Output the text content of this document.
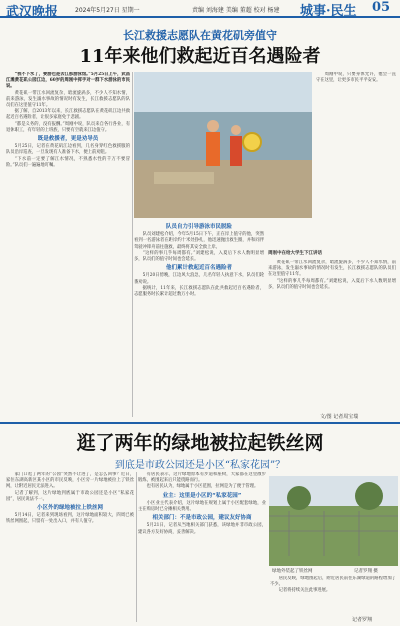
武汉晚报	2024年5月27日 星期一	责编 刘海建 美编 董超 校对 杨建 城事·民生 05
长江救援志愿队在黄花矶旁值守
11年来他们救起近百名遇险者

“我不下水了，要游也是去江那游泳馆。”5月25日上午，武昌江滩黄花矶公园江边，60岁的周刚中挥手对一群下水游泳的市民说。

黄花矶一带江水回流复杂，暗流旋涡多，不少人不知水情，前来游泳，发生溺水事故的情况时有发生，长江救援志愿队的队员们在这里值守11年。

据了解，自2013年以来，长江救援志愿队在黄花矶江边共救起近百名遇险者，让很多家庭免于悲剧。

“都是义务的，没有报酬。”周刚中说，队员来自各行各业，有退休职工，有年轻的上班族，只要有空就来江边值守。

既是救援者，更是劝导员

5月25日，记者在黄花矶江边看到，几名身穿红色救援服的队员沿岸巡查，一旦发现有人准备下水，便上前劝阻。

“下水前一定要了解江水情况，不熟悉水性的千万不要冒险。”队员们一遍遍地叮嘱。

队员自力引导游泳市民脱险

队员刘建松介绍，今年5月15日下午，正在岸上值守的他，突然看到一名游泳者在距岸约十米处挣扎，他迅速抛出救生圈，并和同伴驾驶冲锋舟前往施救，最终将其安全救上岸。

“这样的事几乎每周都有。”刘建松说，入夏后下水人数明显增多，队员们的值守时间也会延长。

他们累计救起近百名遇险者

5月20日傍晚，江边风大浪急，几名年轻人执意下水，队员们轮番劝说。

据统计，11年来，长江救援志愿队在此共救起近百名遇险者，志愿服务时长累计超过数万小时。

周刚中说，只要身体允许，他会一直守在这里，让更多市民平平安安。

周刚中在给大学生下江讲话

黄花矶一带江水回流复杂，暗流旋涡多，不少人不知水情，前来游泳，发生溺水事故的情况时有发生，长江救援志愿队的队员们在这里值守11年。

“这样的事几乎每周都有。”刘建松说，入夏后下水人数明显增多，队员们的值守时间也会延长。

文/图 记者周宝瑞
逛了两年的绿地被拉起铁丝网
到底是市政公园还是小区“私家花园”？

家门口逛了两年的“公园”突然不让进了，是怎么回事？近日，家住东湖高新区某小区的市民反映，小区旁一片绿地被拉上了铁丝网，让附近居民无法进入。

记者了解到，这片绿地到底属于市政公园还是小区“私家花园”，居民说法不一。

小区外的绿地被拉上铁丝网

5月14日，记者来到现场看到，这片绿地面积较大，四周已被铁丝网围起，只留有一处出入口，并有人值守。

有居民表示，这片绿地原本有步道和座椅，大家都在这里散步锻炼，被围起来后只能绕路而行。

也有居民认为，绿地属于小区范围，拉网是为了便于管理。

业主：这里是小区的“私家花园”

小区业主代表介绍，这片绿地在规划上属于小区配套绿地，业主在购房时已分摊相关费用。

相关部门：不是市政公园，建议友好协商

5月21日，记者从当地相关部门获悉，该绿地并非市政公园，建议各方友好协商，妥善解决。

绿地外装起了铁丝网	记者罗翔 摄

居民反映，绿地围起后，附近居民前往东湖绿道的路程增加了不少。

记者将持续关注此事进展。

记者罗翔
